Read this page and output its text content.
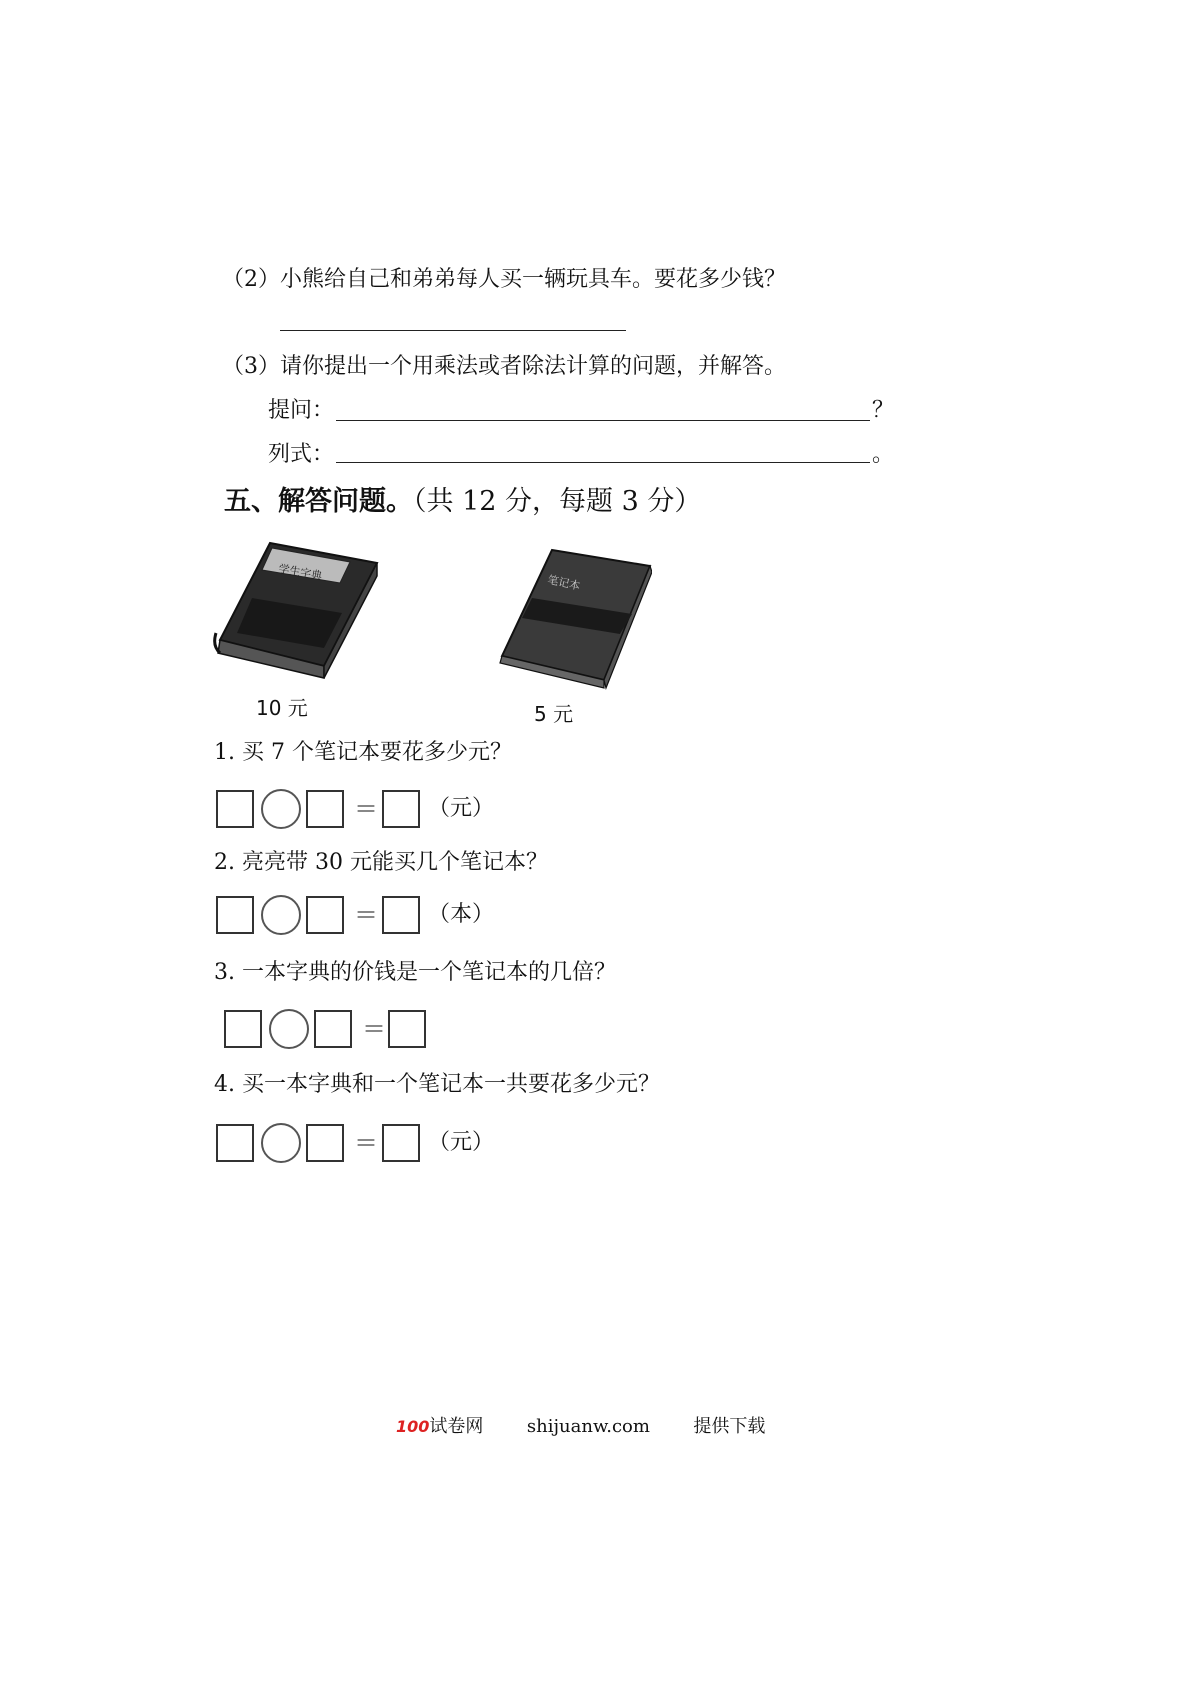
（2）小熊给自己和弟弟每人买一辆玩具车。要花多少钱？
（3）请你提出一个用乘法或者除法计算的问题，并解答。
提问：	？
列式：	。
五、解答问题。（共 12 分，每题 3 分）
学生字典
笔记本
10 元	5 元
1. 买 7 个笔记本要花多少元？
＝ （元）
2. 亮亮带 30 元能买几个笔记本？
＝ （本）
3. 一本字典的价钱是一个笔记本的几倍？
＝
4. 买一本字典和一个笔记本一共要花多少元？
＝ （元）
100试卷网 shijuanw.com 提供下载
